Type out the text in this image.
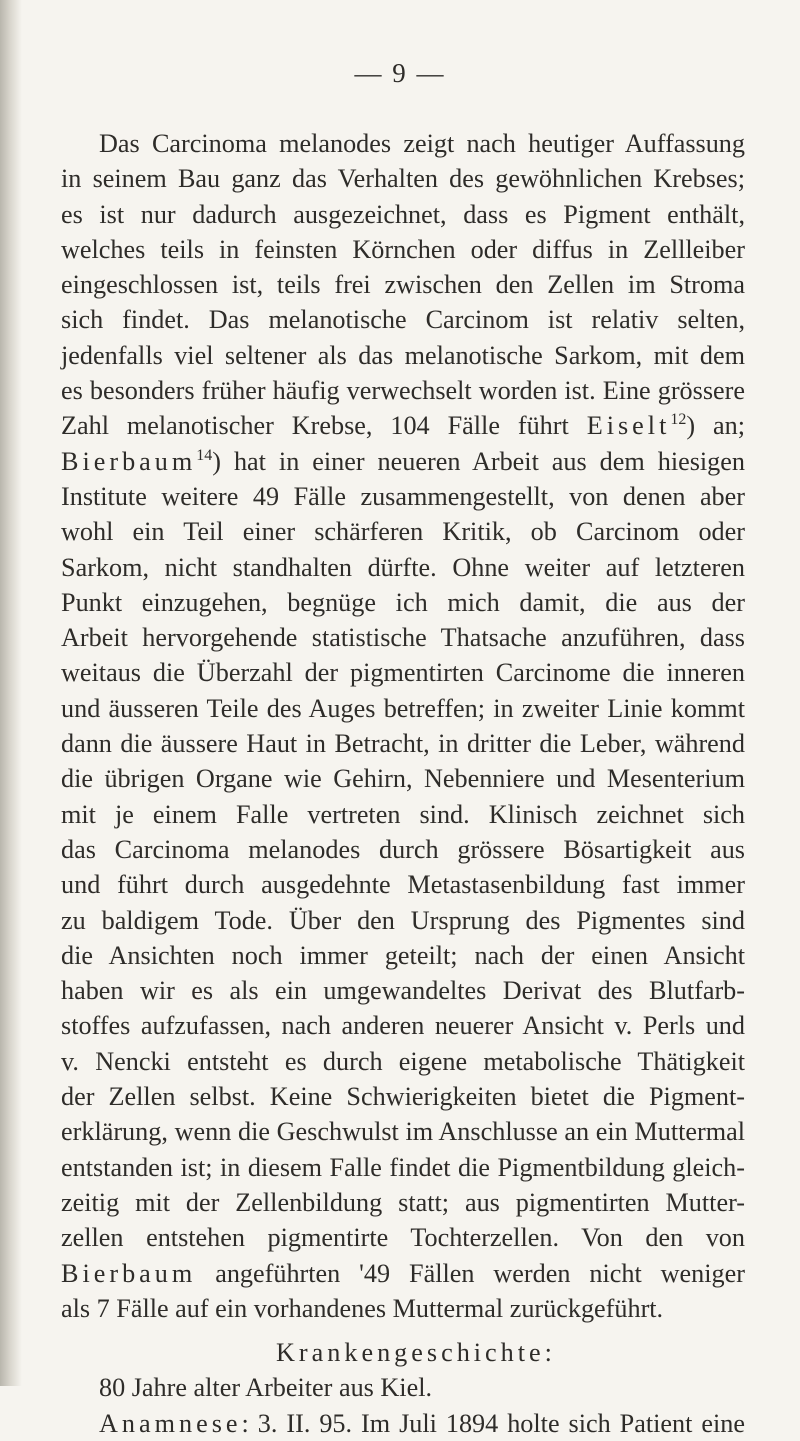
— 9 —
Das Carcinoma melanodes zeigt nach heutiger Auffassung
in seinem Bau ganz das Verhalten des gewöhnlichen Krebses;
es ist nur dadurch ausgezeichnet, dass es Pigment enthält,
welches teils in feinsten Körnchen oder diffus in Zellleiber
eingeschlossen ist, teils frei zwischen den Zellen im Stroma
sich findet. Das melanotische Carcinom ist relativ selten,
jedenfalls viel seltener als das melanotische Sarkom, mit dem
es besonders früher häufig verwechselt worden ist. Eine grössere
Zahl melanotischer Krebse, 104 Fälle führt Eiselt$^{12}$) an;
Bierbaum$^{14}$) hat in einer neueren Arbeit aus dem hiesigen
Institute weitere 49 Fälle zusammengestellt, von denen aber
wohl ein Teil einer schärferen Kritik, ob Carcinom oder
Sarkom, nicht standhalten dürfte. Ohne weiter auf letzteren
Punkt einzugehen, begnüge ich mich damit, die aus der
Arbeit hervorgehende statistische Thatsache anzuführen, dass
weitaus die Überzahl der pigmentirten Carcinome die inneren
und äusseren Teile des Auges betreffen; in zweiter Linie kommt
dann die äussere Haut in Betracht, in dritter die Leber, während
die übrigen Organe wie Gehirn, Nebenniere und Mesenterium
mit je einem Falle vertreten sind. Klinisch zeichnet sich
das Carcinoma melanodes durch grössere Bösartigkeit aus
und führt durch ausgedehnte Metastasenbildung fast immer
zu baldigem Tode. Über den Ursprung des Pigmentes sind
die Ansichten noch immer geteilt; nach der einen Ansicht
haben wir es als ein umgewandeltes Derivat des Blutfarb-
stoffes aufzufassen, nach anderen neuerer Ansicht v. Perls und
v. Nencki entsteht es durch eigene metabolische Thätigkeit
der Zellen selbst. Keine Schwierigkeiten bietet die Pigment-
erklärung, wenn die Geschwulst im Anschlusse an ein Muttermal
entstanden ist; in diesem Falle findet die Pigmentbildung gleich-
zeitig mit der Zellenbildung statt; aus pigmentirten Mutter-
zellen entstehen pigmentirte Tochterzellen. Von den von
Bierbaum angeführten '49 Fällen werden nicht weniger
als 7 Fälle auf ein vorhandenes Muttermal zurückgeführt.
Krankengeschichte:
80 Jahre alter Arbeiter aus Kiel.
Anamnese: 3. II. 95. Im Juli 1894 holte sich Patient eine
